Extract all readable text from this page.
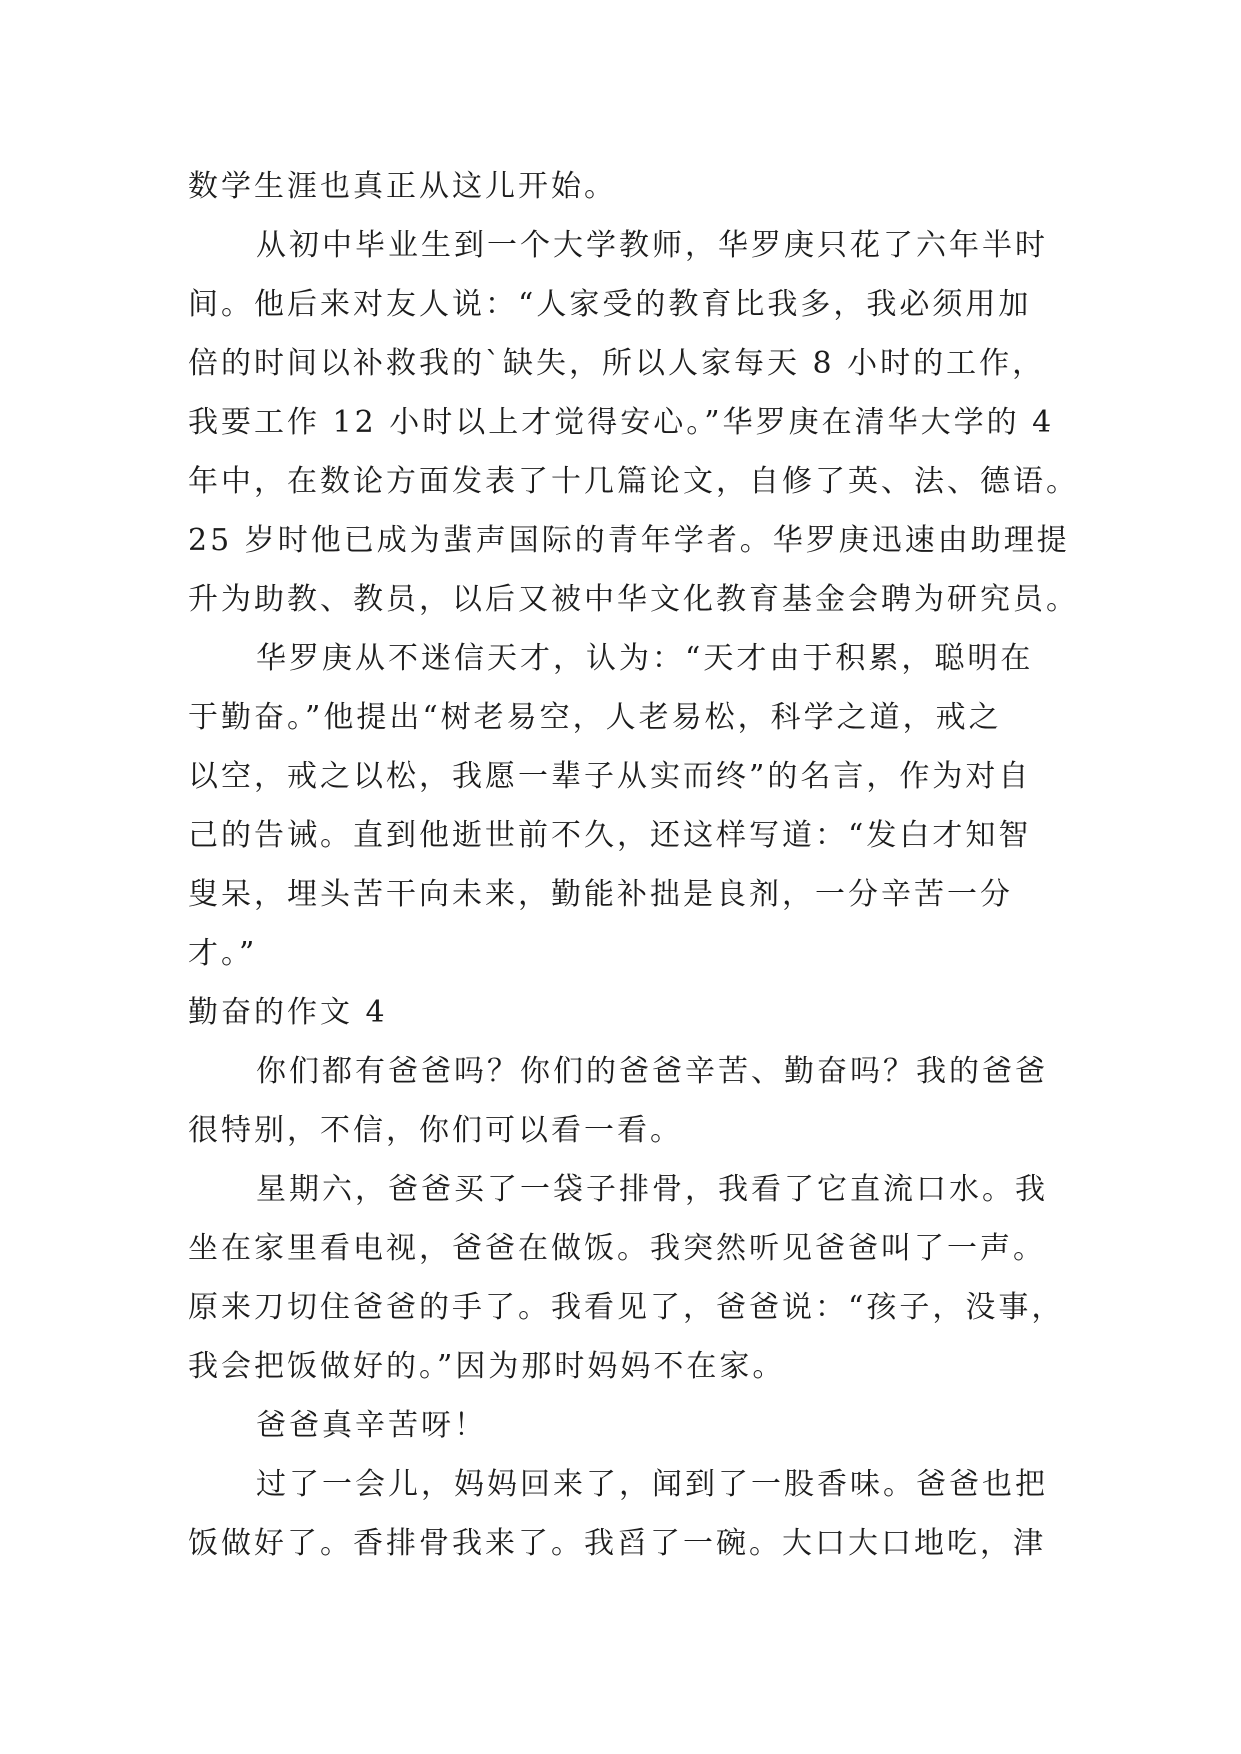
数学生涯也真正从这儿开始。
从初中毕业生到一个大学教师，华罗庚只花了六年半时
间。他后来对友人说：“人家受的教育比我多，我必须用加
倍的时间以补救我的`缺失，所以人家每天 8 小时的工作，
我要工作 12 小时以上才觉得安心。”华罗庚在清华大学的 4
年中，在数论方面发表了十几篇论文，自修了英、法、德语。
25 岁时他已成为蜚声国际的青年学者。华罗庚迅速由助理提
升为助教、教员，以后又被中华文化教育基金会聘为研究员。
华罗庚从不迷信天才，认为：“天才由于积累，聪明在
于勤奋。”他提出“树老易空，人老易松，科学之道，戒之
以空，戒之以松，我愿一辈子从实而终”的名言，作为对自
己的告诫。直到他逝世前不久，还这样写道：“发白才知智
叟呆，埋头苦干向未来，勤能补拙是良剂，一分辛苦一分
才。”
勤奋的作文 4
你们都有爸爸吗？你们的爸爸辛苦、勤奋吗？我的爸爸
很特别，不信，你们可以看一看。
星期六，爸爸买了一袋子排骨，我看了它直流口水。我
坐在家里看电视，爸爸在做饭。我突然听见爸爸叫了一声。
原来刀切住爸爸的手了。我看见了，爸爸说：“孩子，没事，
我会把饭做好的。”因为那时妈妈不在家。
爸爸真辛苦呀！
过了一会儿，妈妈回来了，闻到了一股香味。爸爸也把
饭做好了。香排骨我来了。我舀了一碗。大口大口地吃，津
